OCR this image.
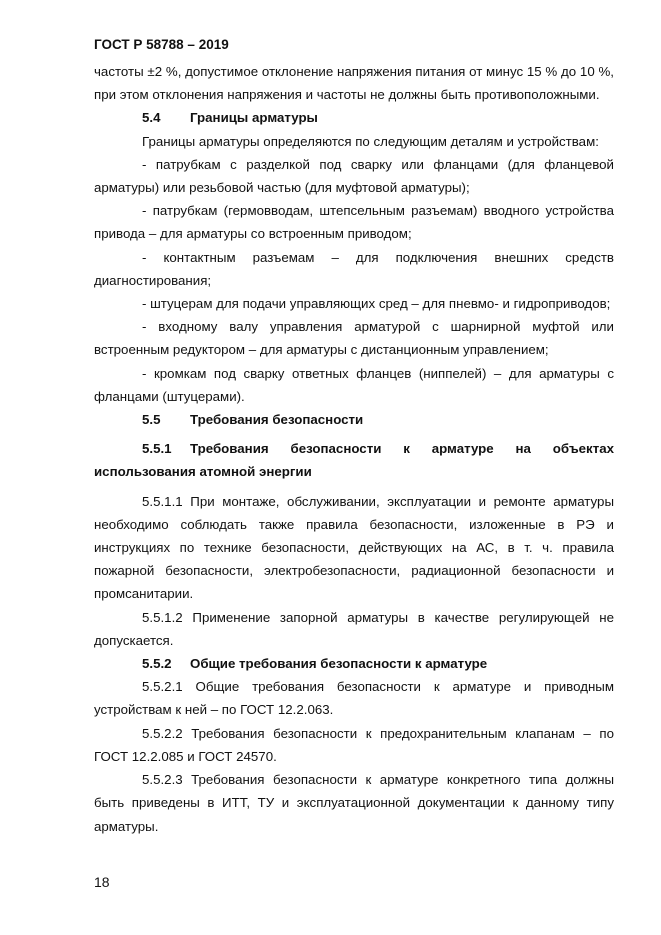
ГОСТ Р 58788 – 2019

частоты ±2 %, допустимое отклонение напряжения питания от минус 15 % до 10 %, при этом отклонения напряжения и частоты не должны быть противоположными.

5.4	Границы арматуры

Границы арматуры определяются по следующим деталям и устройствам:

- патрубкам с разделкой под сварку или фланцами (для фланцевой арматуры) или резьбовой частью (для муфтовой арматуры);

- патрубкам (гермовводам, штепсельным разъемам) вводного устройства привода – для арматуры со встроенным приводом;

- контактным разъемам – для подключения внешних средств диагностирования;

- штуцерам для подачи управляющих сред – для пневмо- и гидроприводов;

- входному валу управления арматурой с шарнирной муфтой или встроенным редуктором – для арматуры с дистанционным управлением;

- кромкам под сварку ответных фланцев (ниппелей) – для арматуры с фланцами (штуцерами).

5.5	Требования безопасности

5.5.1 Требования безопасности к арматуре на объектах использования атомной энергии

5.5.1.1 При монтаже, обслуживании, эксплуатации и ремонте арматуры необходимо соблюдать также правила безопасности, изложенные в РЭ и инструкциях по технике безопасности, действующих на АС, в т. ч. правила пожарной безопасности, электробезопасности, радиационной безопасности и промсанитарии.

5.5.1.2 Применение запорной арматуры в качестве регулирующей не допускается.

5.5.2	Общие требования безопасности к арматуре

5.5.2.1 Общие требования безопасности к арматуре и приводным устройствам к ней – по ГОСТ 12.2.063.

5.5.2.2 Требования безопасности к предохранительным клапанам – по ГОСТ 12.2.085 и ГОСТ 24570.

5.5.2.3 Требования безопасности к арматуре конкретного типа должны быть приведены в ИТТ, ТУ и эксплуатационной документации к данному типу арматуры.

18
